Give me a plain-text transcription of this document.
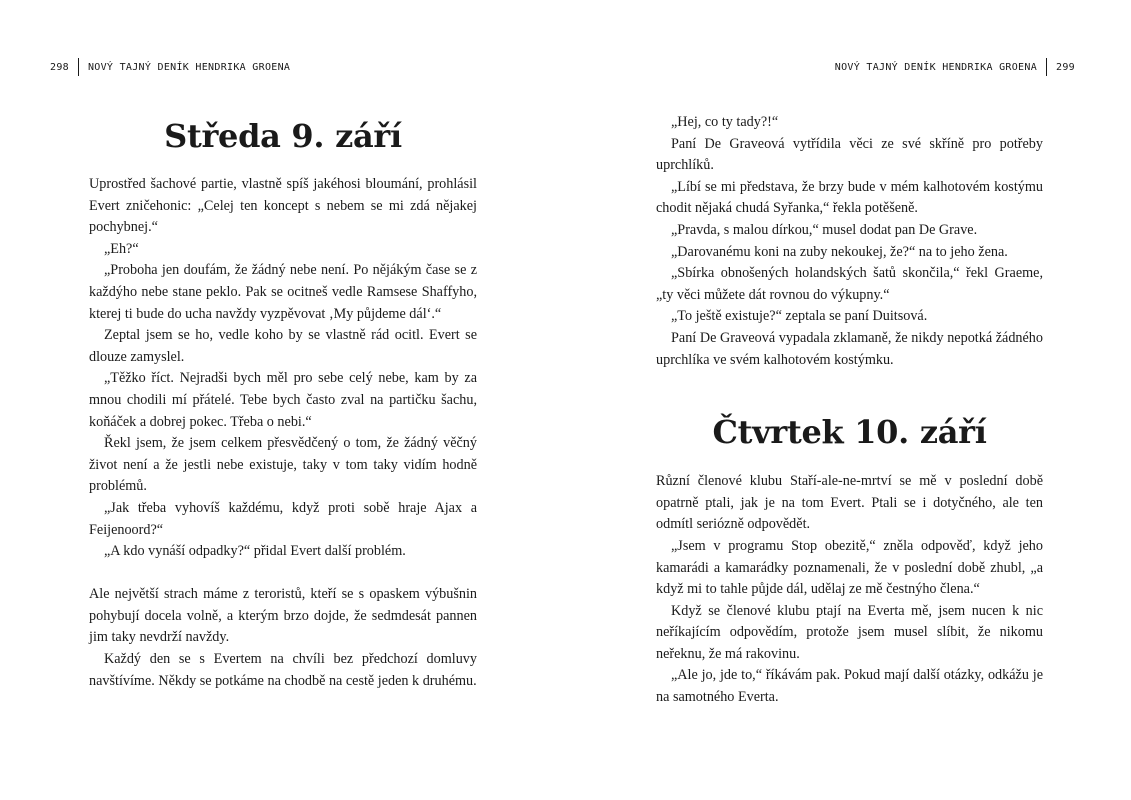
298 NOVÝ TAJNÝ DENÍK HENDRIKA GROENA
Středa 9. září

Uprostřed šachové partie, vlastně spíš jakéhosi bloumání, prohlásil Evert zničehonic: „Celej ten koncept s nebem se mi zdá nějakej pochybnej.“

„Eh?“

„Proboha jen doufám, že žádný nebe není. Po nějákým čase se z každýho nebe stane peklo. Pak se ocitneš vedle Ramsese Shaffyho, kterej ti bude do ucha navždy vyzpěvovat ‚My půjdeme dál‘.“

Zeptal jsem se ho, vedle koho by se vlastně rád ocitl. Evert se dlouze zamyslel.

„Těžko říct. Nejradši bych měl pro sebe celý nebe, kam by za mnou chodili mí přátelé. Tebe bych často zval na partičku šachu, koňáček a dobrej pokec. Třeba o nebi.“

Řekl jsem, že jsem celkem přesvědčený o tom, že žádný věčný život není a že jestli nebe existuje, taky v tom taky vidím hodně problémů.

„Jak třeba vyhovíš každému, když proti sobě hraje Ajax a Feijenoord?“

„A kdo vynáší odpadky?“ přidal Evert další problém.

Ale největší strach máme z teroristů, kteří se s opaskem výbušnin pohybují docela volně, a kterým brzo dojde, že sedmdesát pannen jim taky nevdrží navždy.

Každý den se s Evertem na chvíli bez předchozí domluvy navštívíme. Někdy se potkáme na chodbě na cestě jeden k druhému.

NOVÝ TAJNÝ DENÍK HENDRIKA GROENA 299

„Hej, co ty tady?!“

Paní De Graveová vytřídila věci ze své skříně pro potřeby uprchlíků.

„Líbí se mi představa, že brzy bude v mém kalhotovém kostýmu chodit nějaká chudá Syřanka,“ řekla potěšeně.

„Pravda, s malou dírkou,“ musel dodat pan De Grave.

„Darovanému koni na zuby nekoukej, že?“ na to jeho žena.

„Sbírka obnošených holandských šatů skončila,“ řekl Graeme, „ty věci můžete dát rovnou do výkupny.“

„To ještě existuje?“ zeptala se paní Duitsová.

Paní De Graveová vypadala zklamaně, že nikdy nepotká žádného uprchlíka ve svém kalhotovém kostýmku.

Čtvrtek 10. září

Různí členové klubu Staří-ale-ne-mrtví se mě v poslední době opatrně ptali, jak je na tom Evert. Ptali se i dotyčného, ale ten odmítl seriózně odpovědět.

„Jsem v programu Stop obezitě,“ zněla odpověď, když jeho kamarádi a kamarádky poznamenali, že v poslední době zhubl, „a když mi to tahle půjde dál, udělaj ze mě čestnýho člena.“

Když se členové klubu ptají na Everta mě, jsem nucen k nic neříkajícím odpovědím, protože jsem musel slíbit, že nikomu neřeknu, že má rakovinu.

„Ale jo, jde to,“ říkávám pak. Pokud mají další otázky, odkážu je na samotného Everta.
